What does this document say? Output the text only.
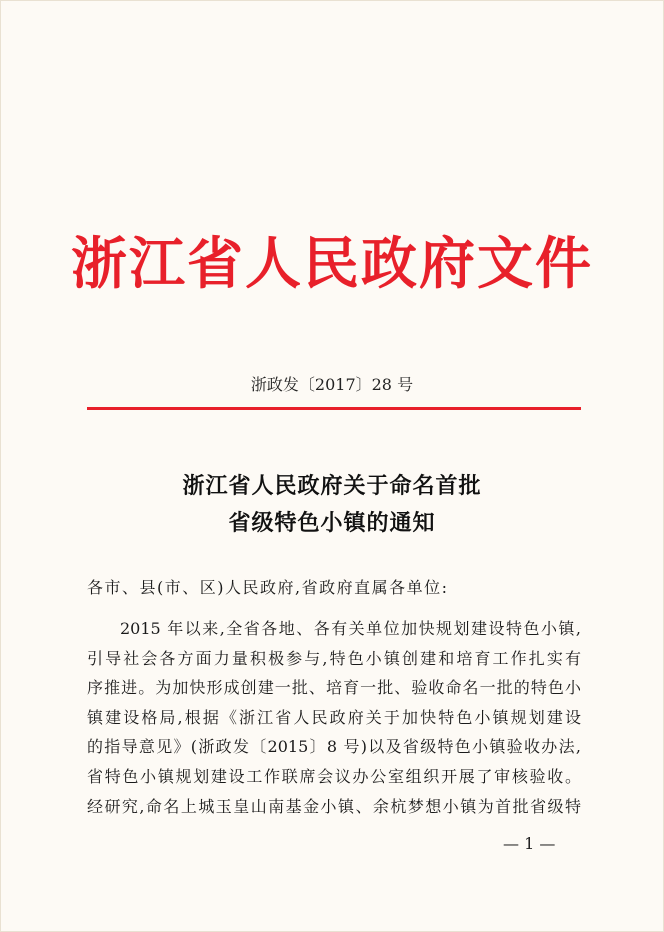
浙江省人民政府文件
浙政发〔2017〕28 号
浙江省人民政府关于命名首批
省级特色小镇的通知
各市、县(市、区)人民政府,省政府直属各单位:
2015 年以来,全省各地、各有关单位加快规划建设特色小镇,
引导社会各方面力量积极参与,特色小镇创建和培育工作扎实有
序推进。为加快形成创建一批、培育一批、验收命名一批的特色小
镇建设格局,根据《浙江省人民政府关于加快特色小镇规划建设
的指导意见》(浙政发〔2015〕8 号)以及省级特色小镇验收办法,
省特色小镇规划建设工作联席会议办公室组织开展了审核验收。
经研究,命名上城玉皇山南基金小镇、余杭梦想小镇为首批省级特
— 1 —
